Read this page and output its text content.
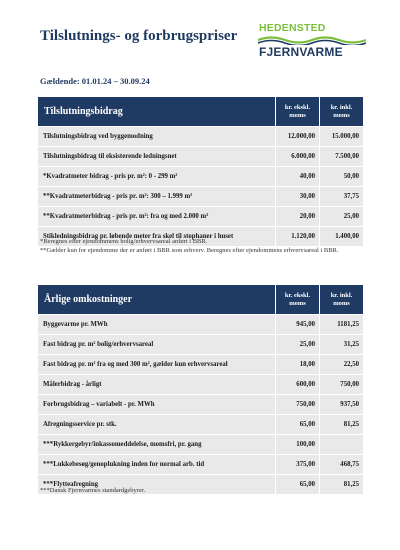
Tilslutnings- og forbrugspriser HEDENSTED
FJERNVARME
Gældende: 01.01.24 – 30.09.24
Tilslutningsbidrag	kr. ekskl. moms	kr. inkl. moms
Tilslutningsbidrag ved byggemodning	12.000,00	15.000,00
Tilslutningsbidrag til eksisterende ledningsnet	6.000,00	7.500,00
*Kvadratmeter bidrag - pris pr. m²: 0 - 299 m²	40,00	50,00
**Kvadratmeterbidrag - pris pr. m²: 300 – 1.999 m²	30,00	37,75
**Kvadratmeterbidrag - pris pr. m²: fra og med 2.000 m²	20,00	25,00
Stikledningsbidrag pr. løbende meter fra skel til stophaner i huset	1.120,00	1.400,00
*Beregnes efter ejendommens bolig/erhvervsareal anført i BBR.
**Gælder kun for ejendomme der er anført i BBR som erhverv. Beregnes efter ejendommens erhvervsareal i BBR.
Årlige omkostninger	kr. ekskl. moms	kr. inkl. moms
Byggevarme pr. MWh	945,00	1181,25
Fast bidrag pr. m² bolig/erhvervsareal	25,00	31,25
Fast bidrag pr. m² fra og med 300 m², gælder kun erhvervsareal	18,00	22,50
Målerbidrag - årligt	600,00	750,00
Forbrugsbidrag – variabelt - pr. MWh	750,00	937,50
Afregningsservice pr. stk.	65,00	81,25
***Rykkergebyr/inkassomeddelelse, momsfri, pr. gang	100,00	
***Lukkebesøg/genoplukning inden for normal arb. tid	375,00	468,75
***Flytteafregning	65,00	81,25
***Dansk Fjernvarmes standardgebyrer.
